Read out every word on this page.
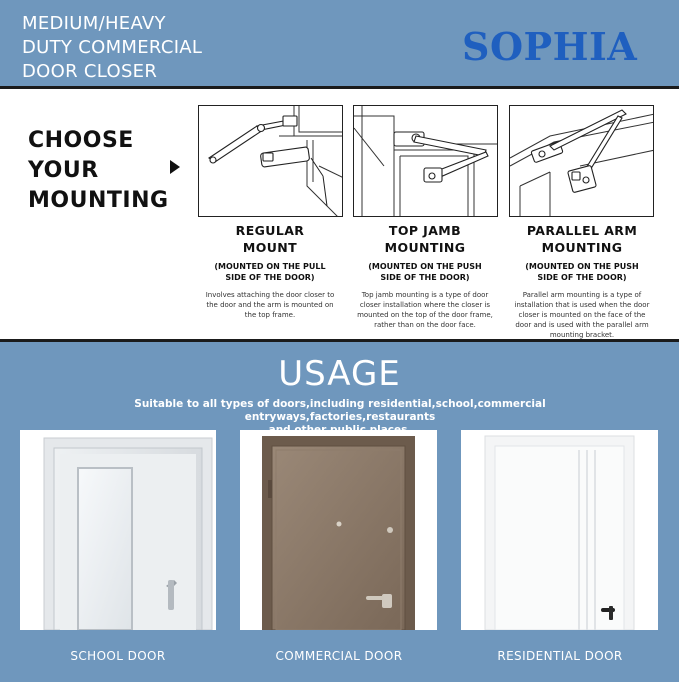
MEDIUM/HEAVY
DUTY COMMERCIAL
DOOR CLOSER
SOPHIA
CHOOSE
YOUR
MOUNTING
REGULAR
MOUNT
(MOUNTED ON THE PULL
SIDE OF THE DOOR)
Involves attaching the door closer to
the door and the arm is mounted on
the top frame.
TOP JAMB
MOUNTING
(MOUNTED ON THE PUSH
SIDE OF THE DOOR)
Top jamb mounting is a type of door
closer installation where the closer is
mounted on the top of the door frame,
rather than on the door face.
PARALLEL ARM
MOUNTING
(MOUNTED ON THE PUSH
SIDE OF THE DOOR)
Parallel arm mounting is a type of
installation that is used when the door
closer is mounted on the face of the
door and is used with the parallel arm
mounting bracket.
USAGE
Suitable to all types of doors,including residential,school,commercial entryways,factories,restaurants
SCHOOL DOOR	COMMERCIAL DOOR	RESIDENTIAL DOOR
